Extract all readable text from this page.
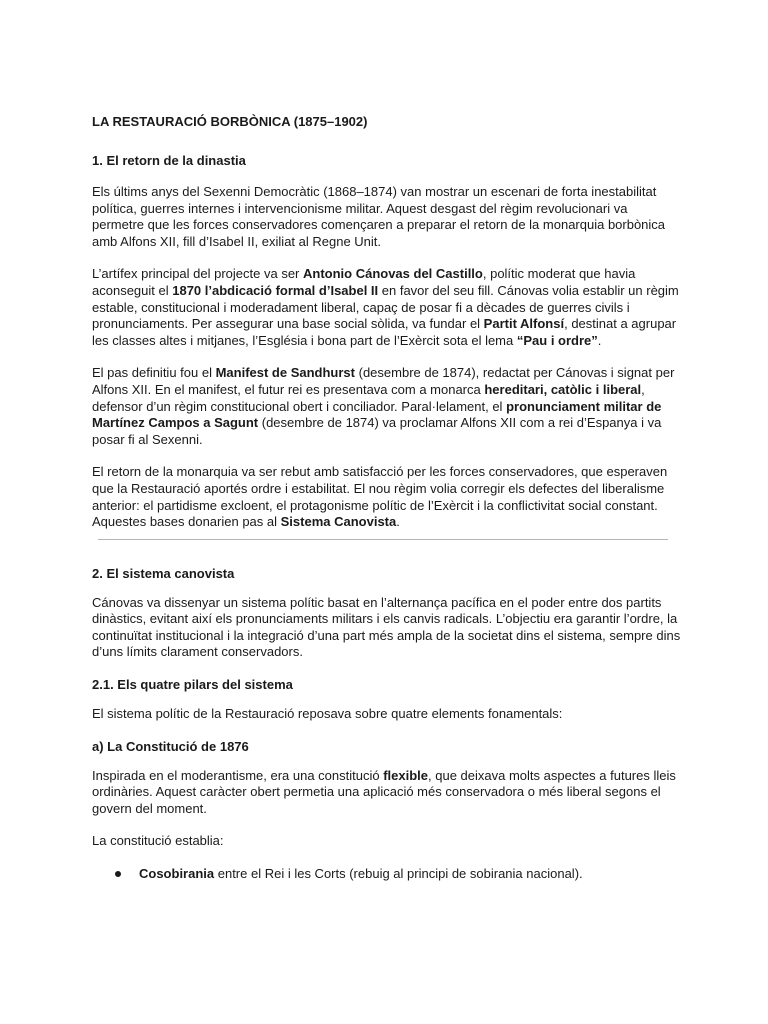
LA RESTAURACIÓ BORBÒNICA (1875–1902)
1. El retorn de la dinastia

Els últims anys del Sexenni Democràtic (1868–1874) van mostrar un escenari de forta inestabilitat política, guerres internes i intervencionisme militar. Aquest desgast del règim revolucionari va permetre que les forces conservadores començaren a preparar el retorn de la monarquia borbònica amb Alfons XII, fill d’Isabel II, exiliat al Regne Unit.

L’artífex principal del projecte va ser Antonio Cánovas del Castillo, polític moderat que havia aconseguit el 1870 l’abdicació formal d’Isabel II en favor del seu fill. Cánovas volia establir un règim estable, constitucional i moderadament liberal, capaç de posar fi a dècades de guerres civils i pronunciaments. Per assegurar una base social sòlida, va fundar el Partit Alfonsí, destinat a agrupar les classes altes i mitjanes, l’Església i bona part de l’Exèrcit sota el lema “Pau i ordre”.

El pas definitiu fou el Manifest de Sandhurst (desembre de 1874), redactat per Cánovas i signat per Alfons XII. En el manifest, el futur rei es presentava com a monarca hereditari, catòlic i liberal, defensor d’un règim constitucional obert i conciliador. Paral·lelament, el pronunciament militar de Martínez Campos a Sagunt (desembre de 1874) va proclamar Alfons XII com a rei d’Espanya i va posar fi al Sexenni.

El retorn de la monarquia va ser rebut amb satisfacció per les forces conservadores, que esperaven que la Restauració aportés ordre i estabilitat. El nou règim volia corregir els defectes del liberalisme anterior: el partidisme excloent, el protagonisme polític de l’Exèrcit i la conflictivitat social constant. Aquestes bases donarien pas al Sistema Canovista.

2. El sistema canovista

Cánovas va dissenyar un sistema polític basat en l’alternança pacífica en el poder entre dos partits dinàstics, evitant així els pronunciaments militars i els canvis radicals. L’objectiu era garantir l’ordre, la continuïtat institucional i la integració d’una part més ampla de la societat dins el sistema, sempre dins d’uns límits clarament conservadors.

2.1. Els quatre pilars del sistema

El sistema polític de la Restauració reposava sobre quatre elements fonamentals:

a) La Constitució de 1876

Inspirada en el moderantisme, era una constitució flexible, que deixava molts aspectes a futures lleis ordinàries. Aquest caràcter obert permetia una aplicació més conservadora o més liberal segons el govern del moment.

La constitució establia:

Cosobirania entre el Rei i les Corts (rebuig al principi de sobirania nacional).
